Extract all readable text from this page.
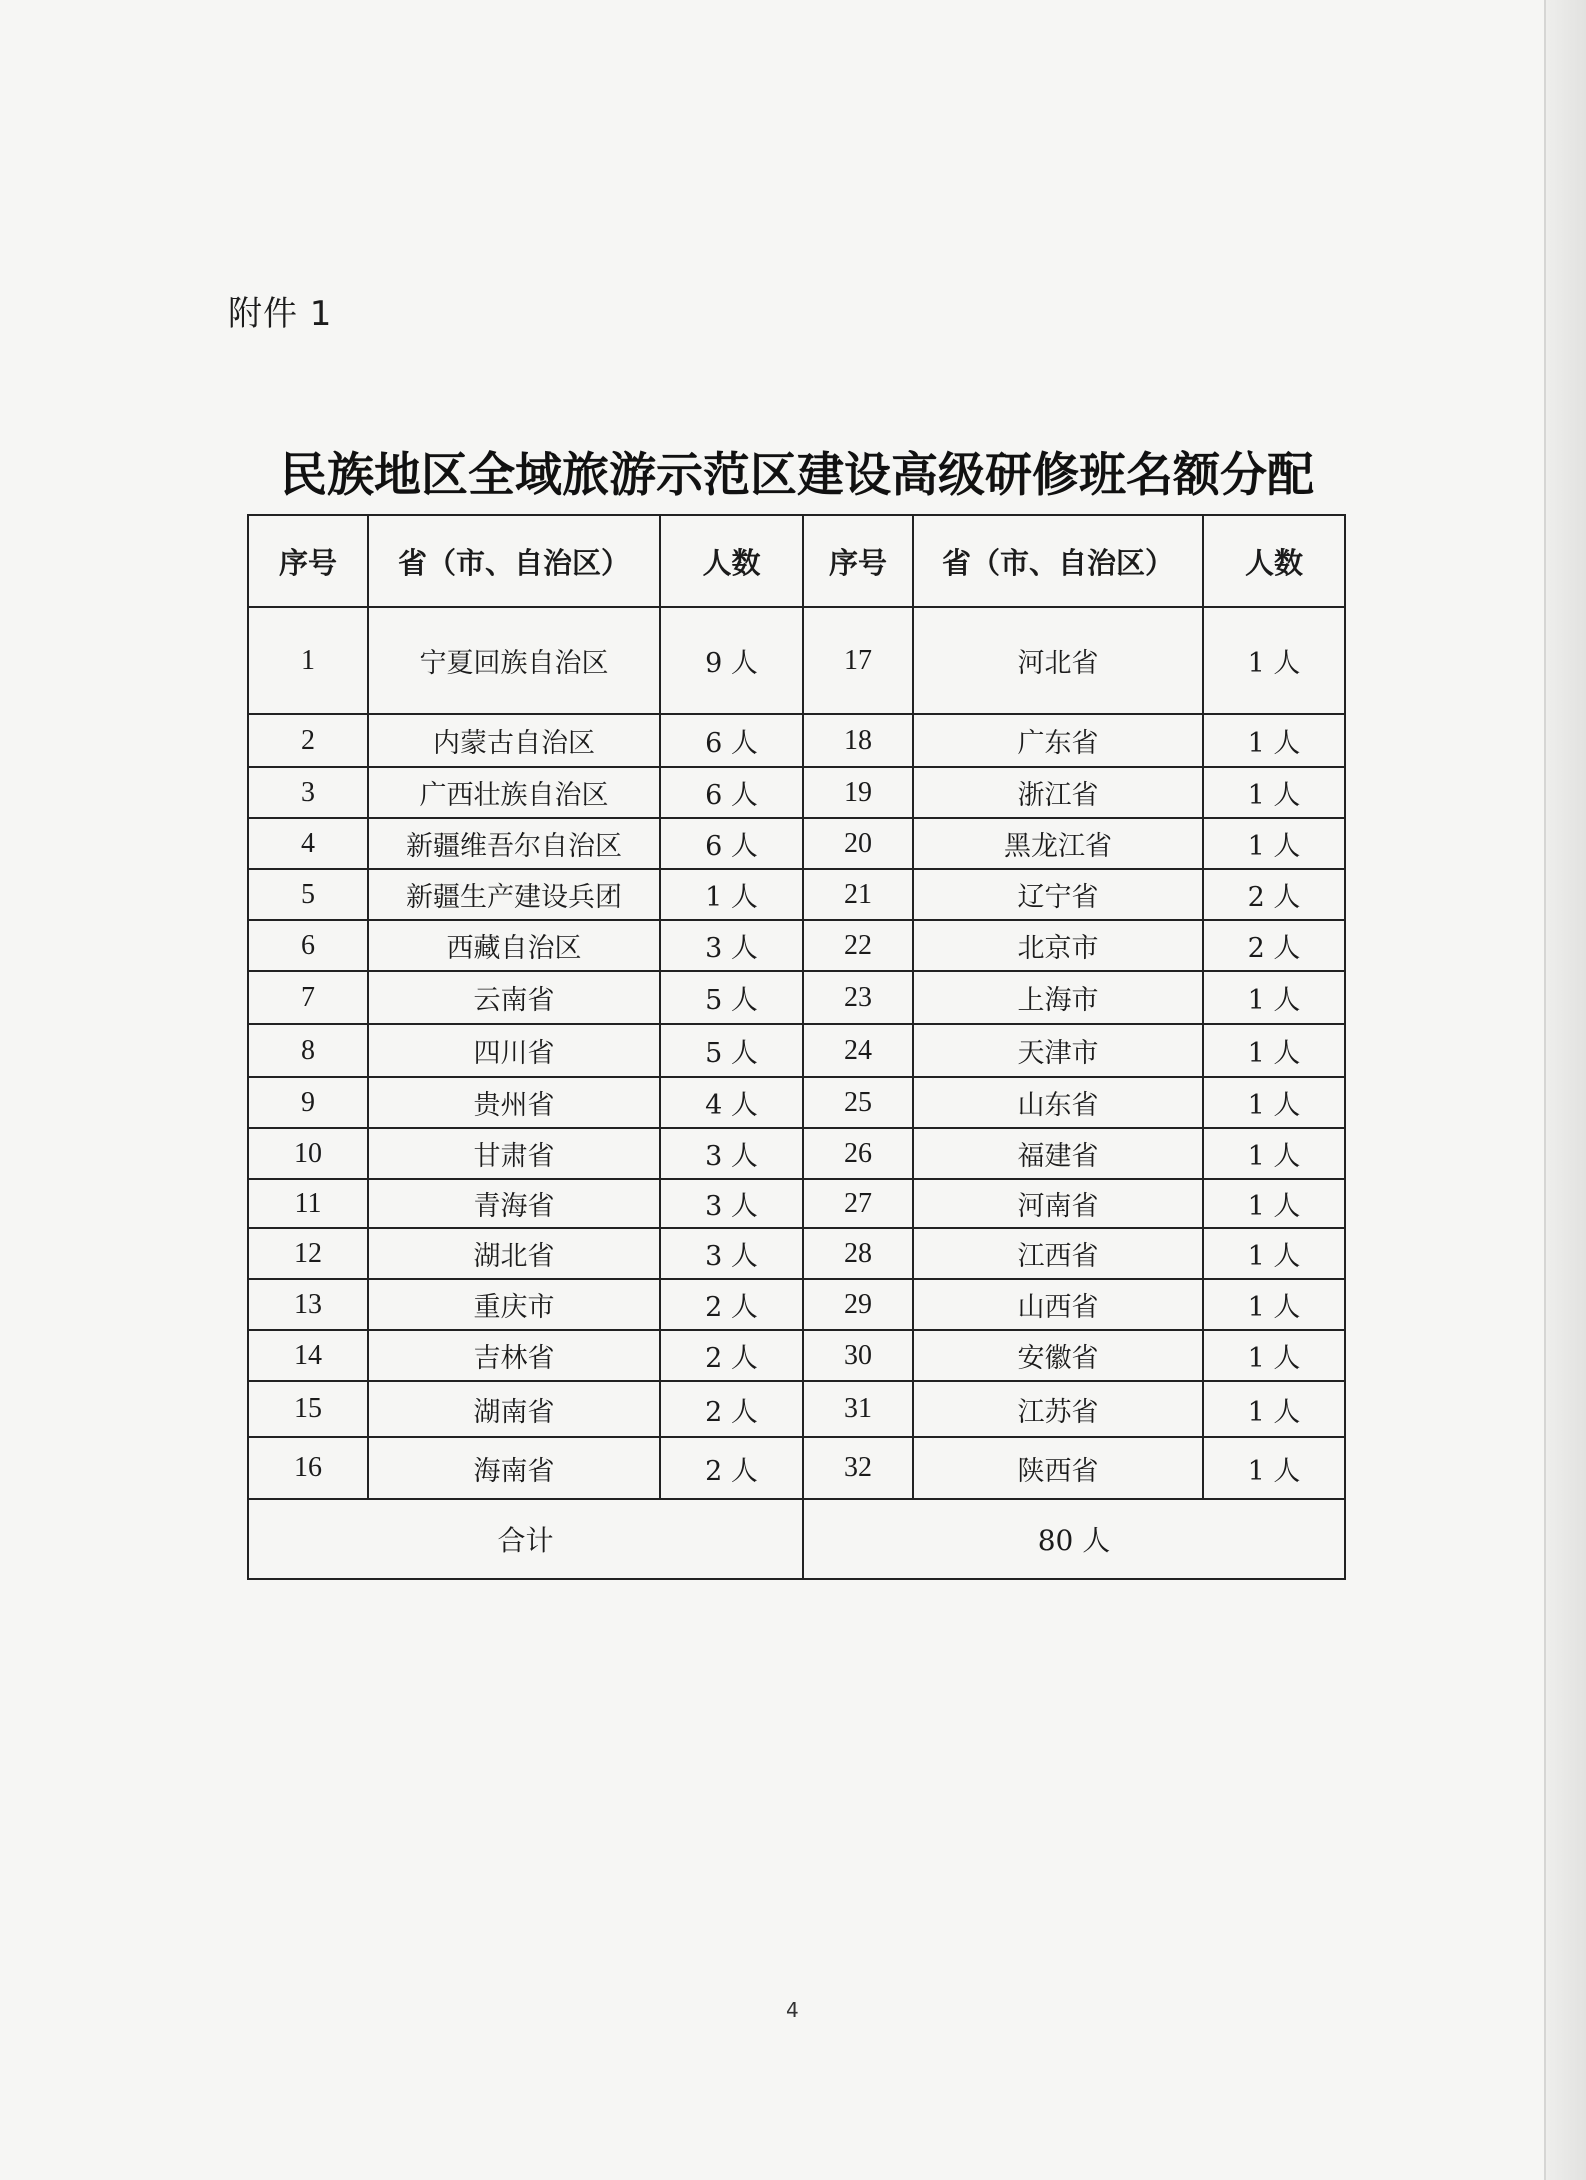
附件 1
民族地区全域旅游示范区建设高级研修班名额分配
序号	省（市、自治区）	人数	序号	省（市、自治区）	人数
1	宁夏回族自治区	9 人	17	河北省	1 人
2	内蒙古自治区	6 人	18	广东省	1 人
3	广西壮族自治区	6 人	19	浙江省	1 人
4	新疆维吾尔自治区	6 人	20	黑龙江省	1 人
5	新疆生产建设兵团	1 人	21	辽宁省	2 人
6	西藏自治区	3 人	22	北京市	2 人
7	云南省	5 人	23	上海市	1 人
8	四川省	5 人	24	天津市	1 人
9	贵州省	4 人	25	山东省	1 人
10	甘肃省	3 人	26	福建省	1 人
11	青海省	3 人	27	河南省	1 人
12	湖北省	3 人	28	江西省	1 人
13	重庆市	2 人	29	山西省	1 人
14	吉林省	2 人	30	安徽省	1 人
15	湖南省	2 人	31	江苏省	1 人
16	海南省	2 人	32	陕西省	1 人
合计			80 人		
4
